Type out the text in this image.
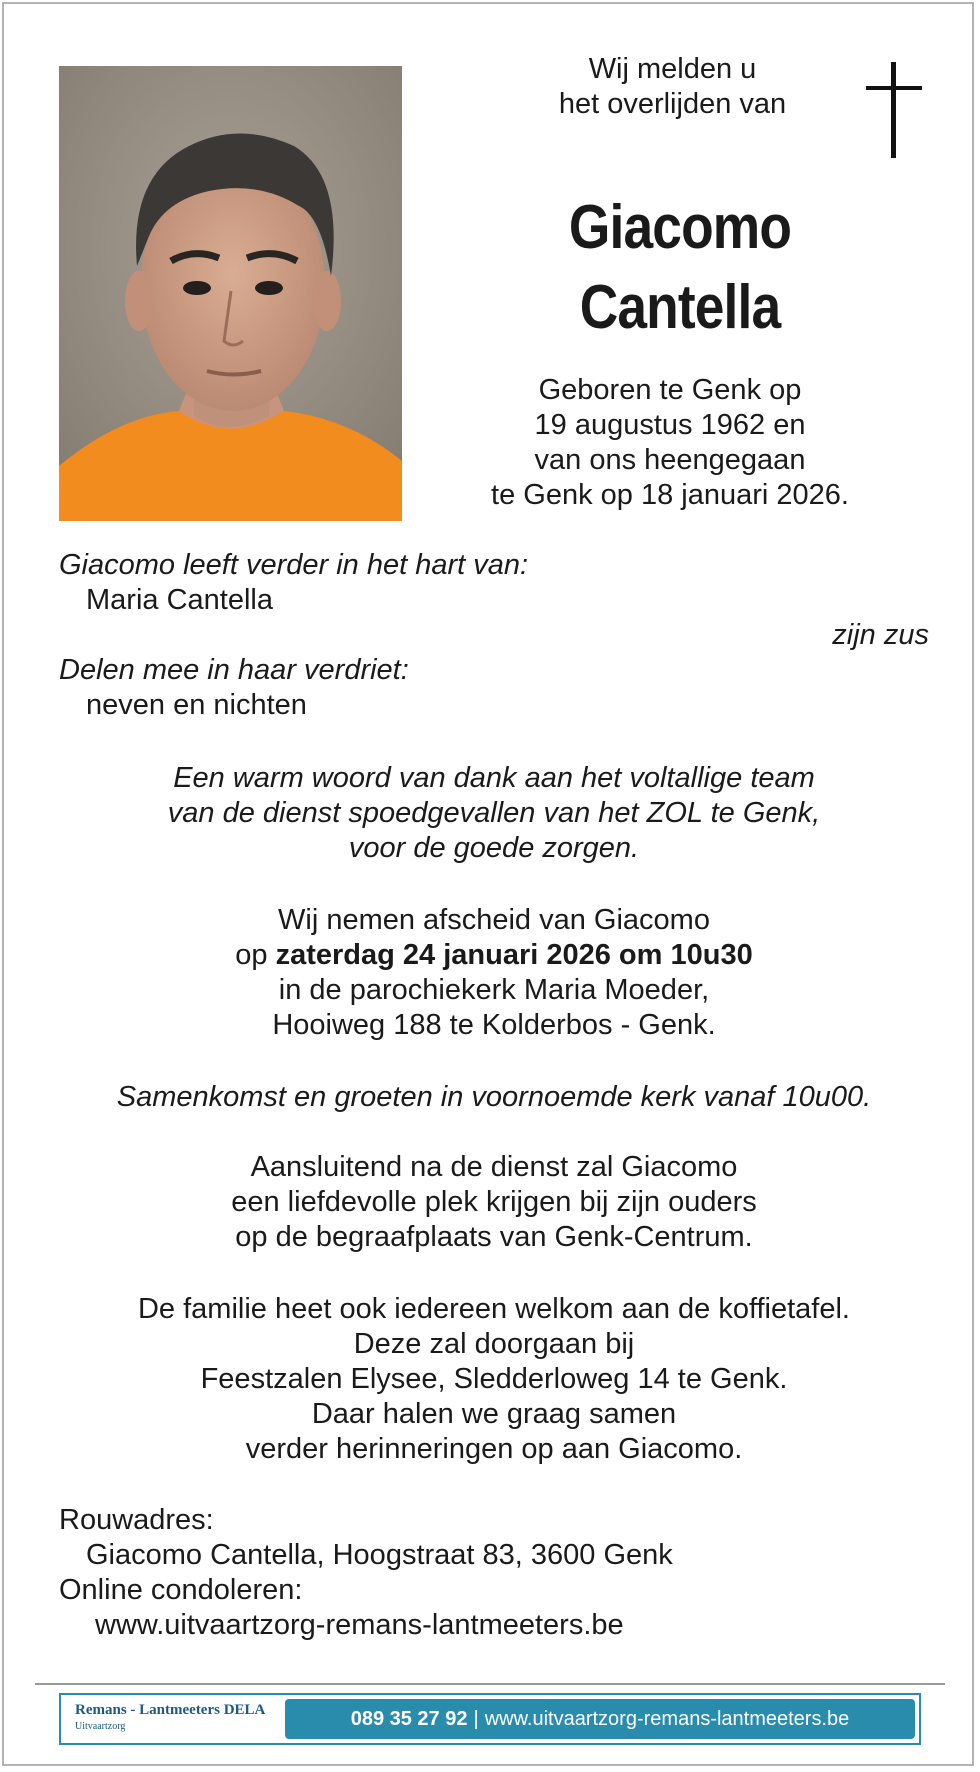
Wij melden u
het overlijden van
Giacomo
Cantella
Geboren te Genk op
19 augustus 1962 en
van ons heengegaan
te Genk op 18 januari 2026.
Giacomo leeft verder in het hart van:
Maria Cantella
zijn zus
Delen mee in haar verdriet:
neven en nichten
Een warm woord van dank aan het voltallige team
van de dienst spoedgevallen van het ZOL te Genk,
voor de goede zorgen.
Wij nemen afscheid van Giacomo
op zaterdag 24 januari 2026 om 10u30
in de parochiekerk Maria Moeder,
Hooiweg 188 te Kolderbos - Genk.
Samenkomst en groeten in voornoemde kerk vanaf 10u00.
Aansluitend na de dienst zal Giacomo
een liefdevolle plek krijgen bij zijn ouders
op de begraafplaats van Genk-Centrum.
De familie heet ook iedereen welkom aan de koffietafel.
Deze zal doorgaan bij
Feestzalen Elysee, Sledderloweg 14 te Genk.
Daar halen we graag samen
verder herinneringen op aan Giacomo.
Rouwadres:
Giacomo Cantella, Hoogstraat 83, 3600 Genk
Online condoleren:
www.uitvaartzorg-remans-lantmeeters.be
Remans - Lantmeeters DELA
Uitvaartzorg	089 35 27 92 | www.uitvaartzorg-remans-lantmeeters.be
